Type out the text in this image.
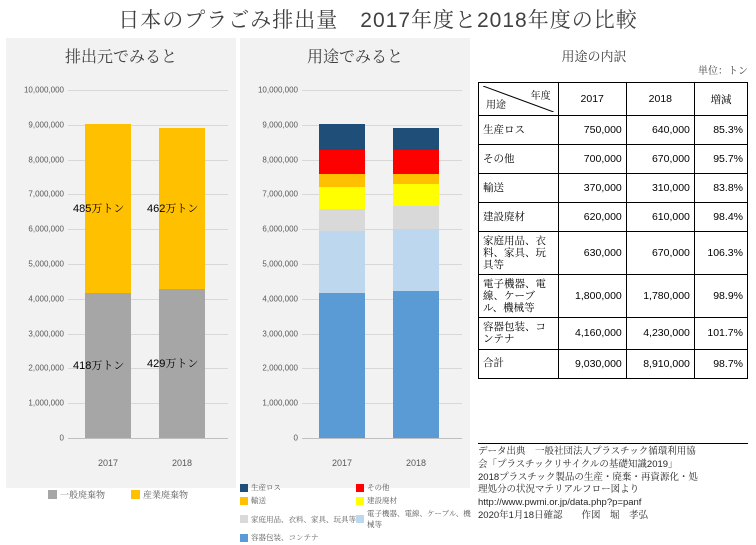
日本のプラごみ排出量　2017年度と2018年度の比較
排出元でみると
10,000,000
9,000,000
8,000,000
7,000,000
6,000,000
5,000,000
4,000,000
3,000,000
2,000,000
1,000,000
0
418万トン
485万トン
429万トン
462万トン
2017	2018
一般廃棄物	産業廃棄物
用途でみると
10,000,000
9,000,000
8,000,000
7,000,000
6,000,000
5,000,000
4,000,000
3,000,000
2,000,000
1,000,000
0
2017	2018
生産ロス	その他
輸送	建設廃材
家庭用品、衣料、家具、玩具等
電子機器、電線、ケーブル、機械等
容器包装、コンテナ
用途の内訳
単位：トン
年度
用途	2017	2018	増減
生産ロス	750,000	640,000	85.3%
その他	700,000	670,000	95.7%
輸送	370,000	310,000	83.8%
建設廃材	620,000	610,000	98.4%
家庭用品、衣料、家具、玩具等	630,000	670,000	106.3%
電子機器、電線、ケーブル、機械等	1,800,000	1,780,000	98.9%
容器包装、コンテナ	4,160,000	4,230,000	101.7%
合計	9,030,000	8,910,000	98.7%
データ出典　一般社団法人プラスチック循環利用協
会「プラスチックリサイクルの基礎知識2019」
2018プラスチック製品の生産・廃棄・再資源化・処
理処分の状況マテリアルフロー図より
http://www.pwmi.or.jp/data.php?p=panf
2020年1月18日確認　　作図　堀　孝弘
